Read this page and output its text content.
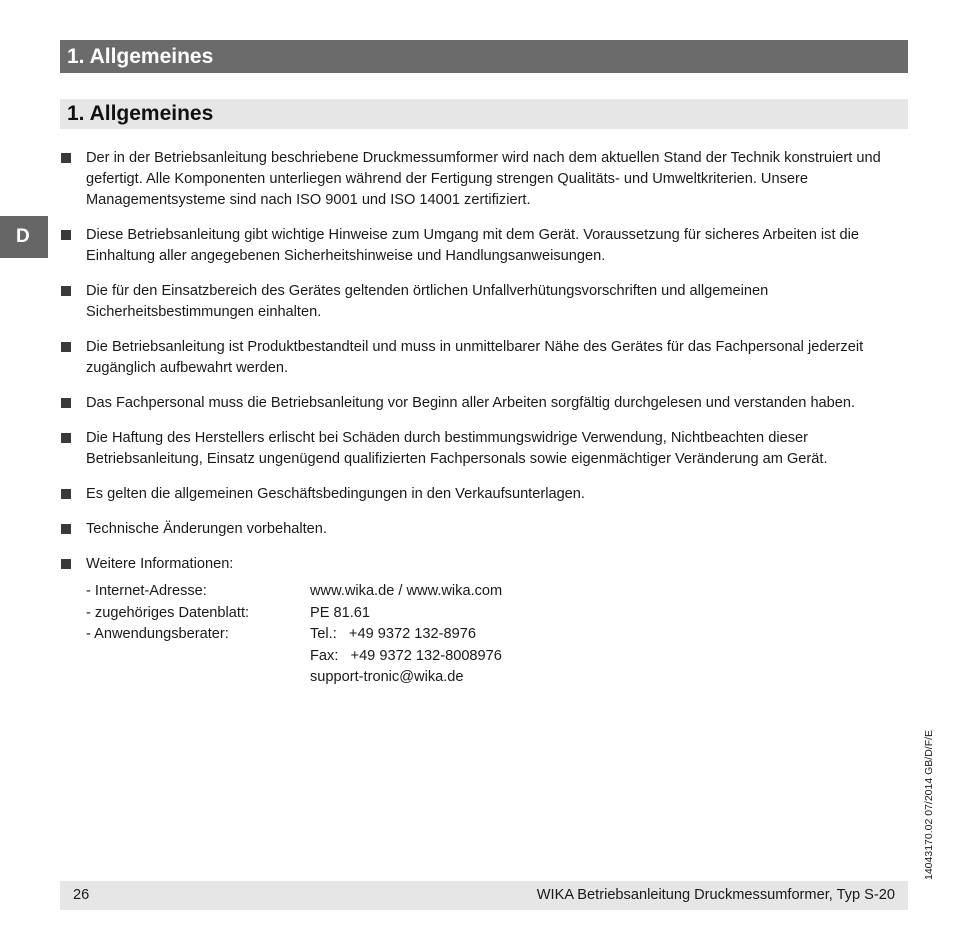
1. Allgemeines
1. Allgemeines
D
Der in der Betriebsanleitung beschriebene Druckmessumformer wird nach dem aktuellen Stand der Technik konstruiert und gefertigt. Alle Komponenten unterliegen während der Fertigung strengen Qualitäts- und Umweltkriterien. Unsere Managementsysteme sind nach ISO 9001 und ISO 14001 zertifiziert.
Diese Betriebsanleitung gibt wichtige Hinweise zum Umgang mit dem Gerät. Voraussetzung für sicheres Arbeiten ist die Einhaltung aller angegebenen Sicherheitshinweise und Handlungsanweisungen.
Die für den Einsatzbereich des Gerätes geltenden örtlichen Unfallverhütungsvorschriften und allgemeinen Sicherheitsbestimmungen einhalten.
Die Betriebsanleitung ist Produktbestandteil und muss in unmittelbarer Nähe des Gerätes für das Fachpersonal jederzeit zugänglich aufbewahrt werden.
Das Fachpersonal muss die Betriebsanleitung vor Beginn aller Arbeiten sorgfältig durchgelesen und verstanden haben.
Die Haftung des Herstellers erlischt bei Schäden durch bestimmungswidrige Verwendung, Nichtbeachten dieser Betriebsanleitung, Einsatz ungenügend qualifizierten Fachpersonals sowie eigenmächtiger Veränderung am Gerät.
Es gelten die allgemeinen Geschäftsbedingungen in den Verkaufsunterlagen.
Technische Änderungen vorbehalten.
Weitere Informationen:
- Internet-Adresse:	www.wika.de / www.wika.com
- zugehöriges Datenblatt:	PE 81.61
- Anwendungsberater:	Tel.:   +49 9372 132-8976
	Fax:   +49 9372 132-8008976
	support-tronic@wika.de
14043170.02 07/2014 GB/D/F/E
26	WIKA Betriebsanleitung Druckmessumformer, Typ S-20
